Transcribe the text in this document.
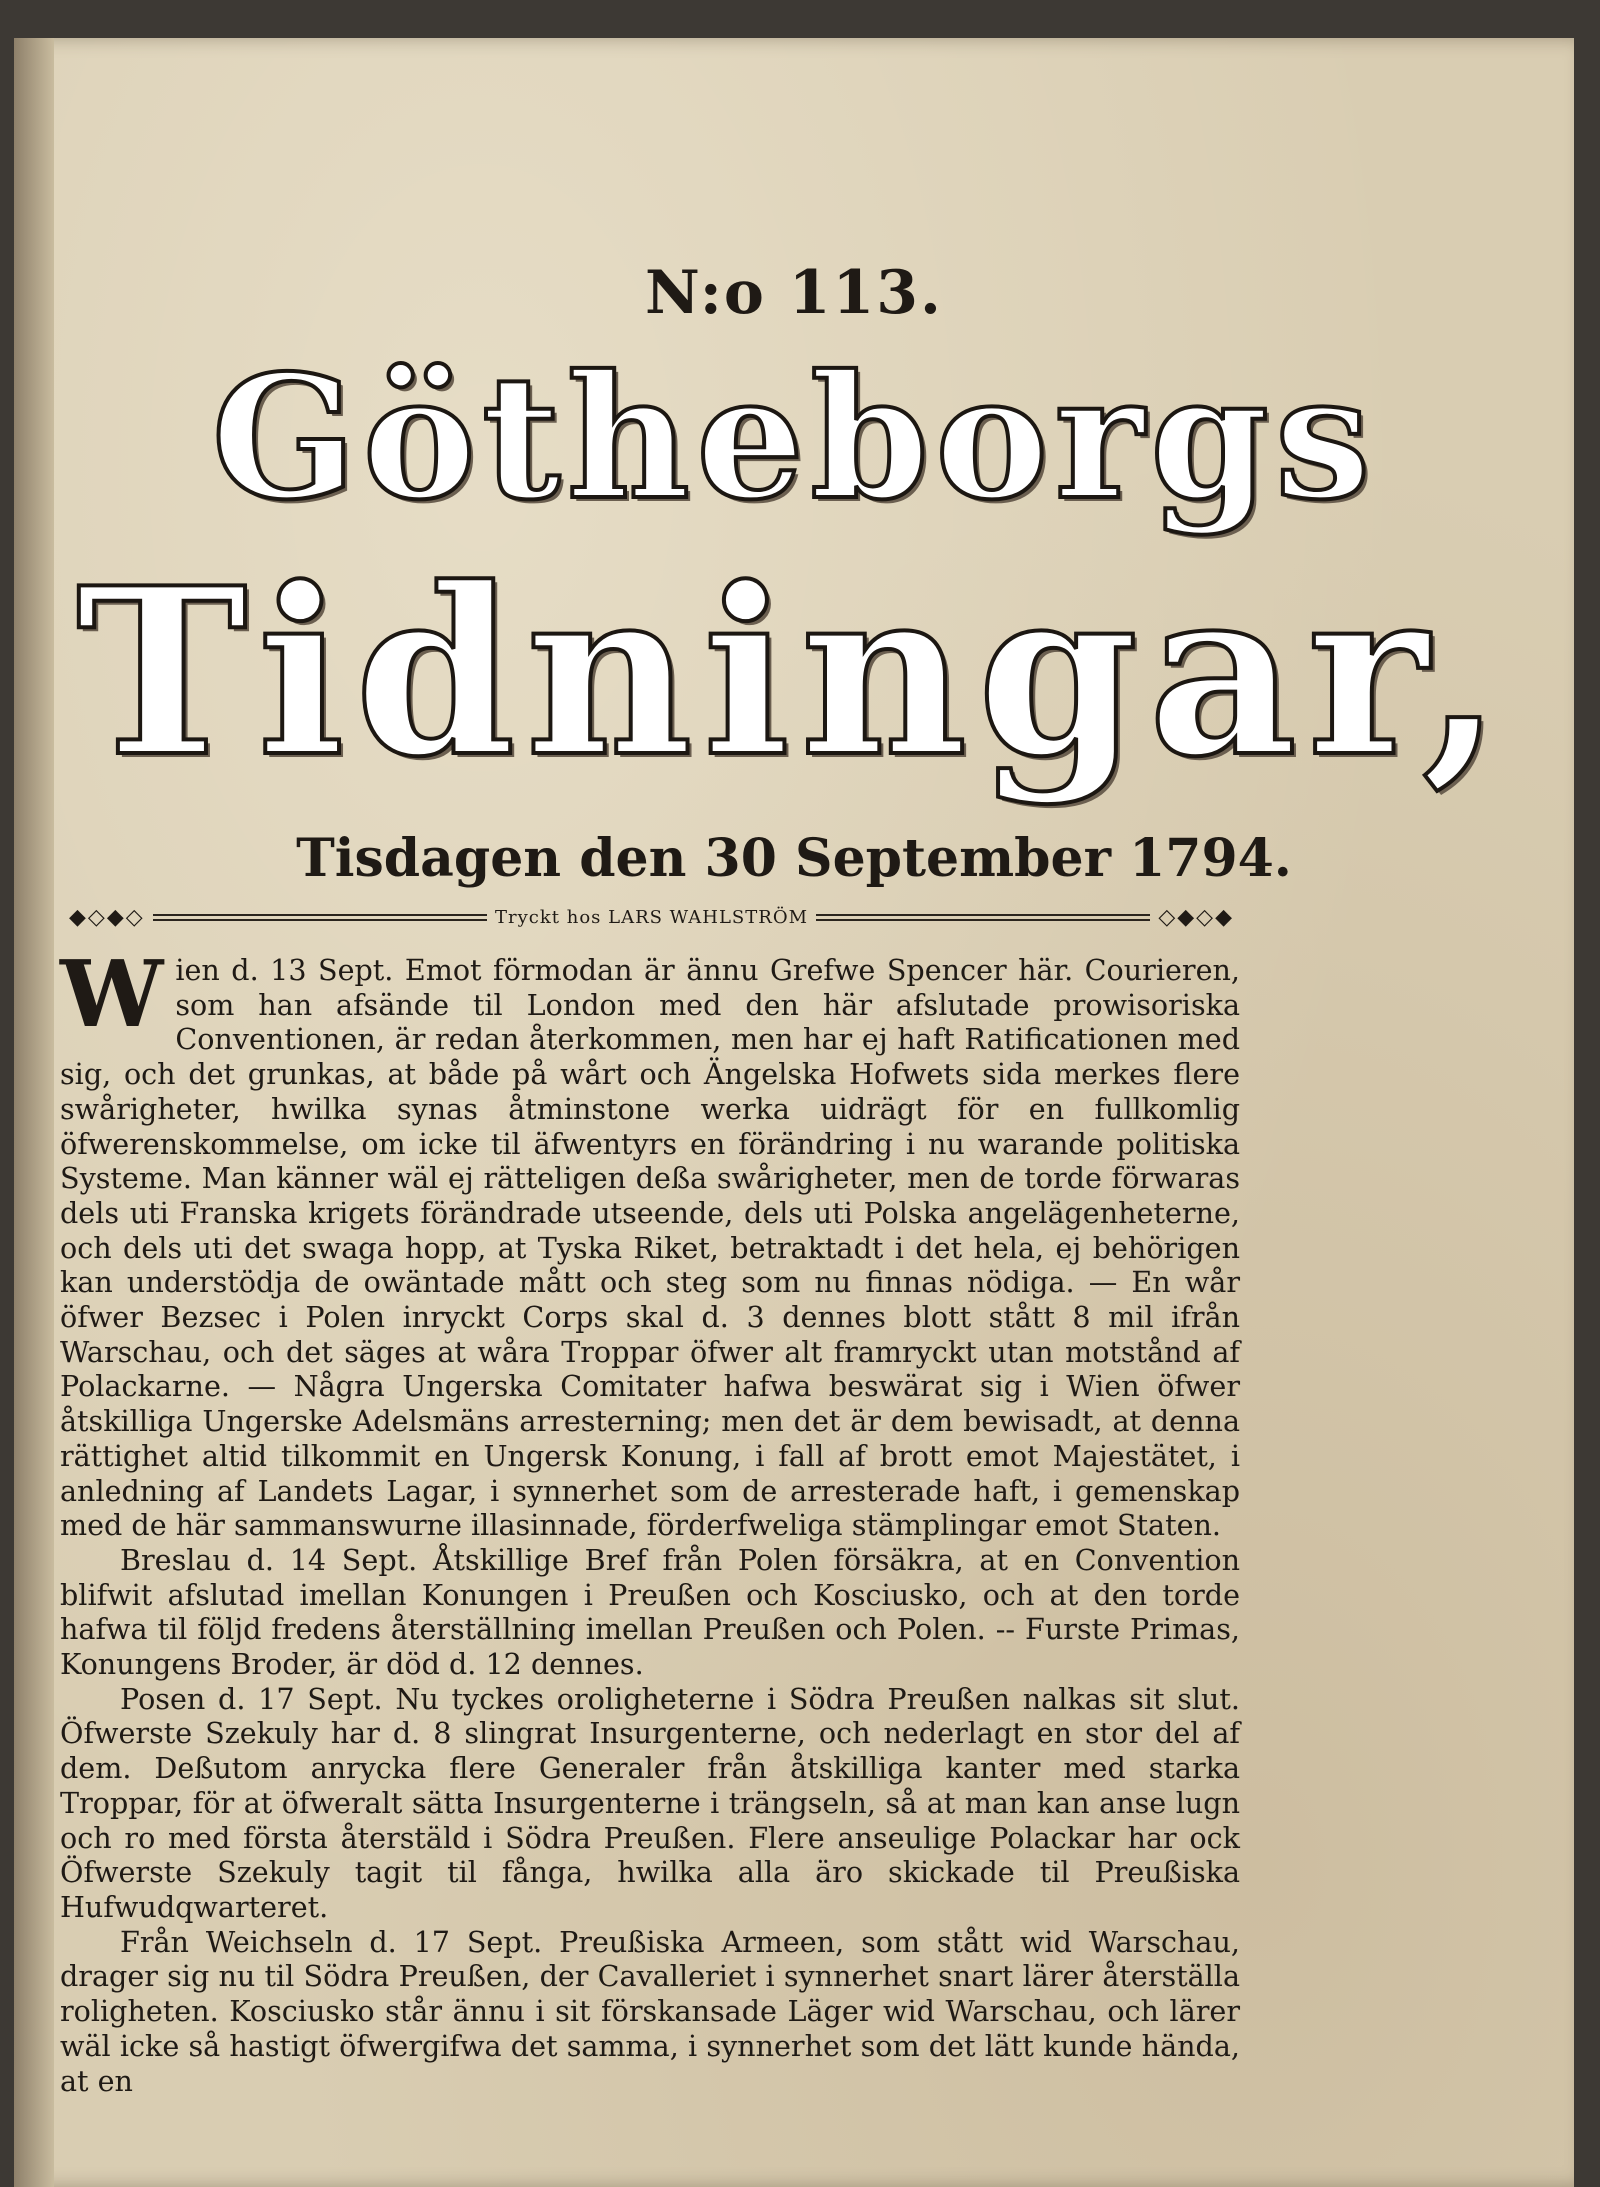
N:o 113.
Götheborgs
Tidningar,
Tisdagen den 30 September 1794.
◆◇◆◇	Tryckt hos LARS WAHLSTRÖM	◇◆◇◆

Wien d. 13 Sept. Emot förmodan är ännu Grefwe Spencer här. Courieren, som han afsände til London med den här afslutade prowisoriska Conventionen, är redan återkommen, men har ej haft Ratificationen med sig, och det grunkas, at både på wårt och Ängelska Hofwets sida merkes flere swårigheter, hwilka synas åtminstone werka uidrägt för en fullkomlig öfwerenskommelse, om icke til äfwentyrs en förändring i nu warande politiska Systeme. Man känner wäl ej rätteligen deßa swårigheter, men de torde förwaras dels uti Franska krigets förändrade utseende, dels uti Polska angelägenheterne, och dels uti det swaga hopp, at Tyska Riket, betraktadt i det hela, ej behörigen kan understödja de owäntade mått och steg som nu finnas nödiga. — En wår öfwer Bezsec i Polen inryckt Corps skal d. 3 dennes blott stått 8 mil ifrån Warschau, och det säges at wåra Troppar öfwer alt framryckt utan motstånd af Polackarne. — Några Ungerska Comitater hafwa beswärat sig i Wien öfwer åtskilliga Ungerske Adelsmäns arresterning; men det är dem bewisadt, at denna rättighet altid tilkommit en Ungersk Konung, i fall af brott emot Majestätet, i anledning af Landets Lagar, i synnerhet som de arresterade haft, i gemenskap med de här sammanswurne illasinnade, förderfweliga stämplingar emot Staten.

Breslau d. 14 Sept. Åtskillige Bref från Polen försäkra, at en Convention blifwit afslutad imellan Konungen i Preußen och Kosciusko, och at den torde hafwa til följd fredens återställning imellan Preußen och Polen. -- Furste Primas, Konungens Broder, är död d. 12 dennes.

Posen d. 17 Sept. Nu tyckes oroligheterne i Södra Preußen nalkas sit slut. Öfwerste Szekuly har d. 8 slingrat Insurgenterne, och nederlagt en stor del af dem. Deßutom anrycka flere Generaler från åtskilliga kanter med starka Troppar, för at öfweralt sätta Insurgenterne i trängseln, så at man kan anse lugn och ro med första återstäld i Södra Preußen. Flere anseulige Polackar har ock Öfwerste Szekuly tagit til fånga, hwilka alla äro skickade til Preußiska Hufwudqwarteret.

Från Weichseln d. 17 Sept. Preußiska Armeen, som stått wid Warschau, drager sig nu til Södra Preußen, der Cavalleriet i synnerhet snart lärer återställa roligheten. Kosciusko står ännu i sit förskansade Läger wid Warschau, och lärer wäl icke så hastigt öfwergifwa det samma, i synnerhet som det lätt kunde hända, at en
